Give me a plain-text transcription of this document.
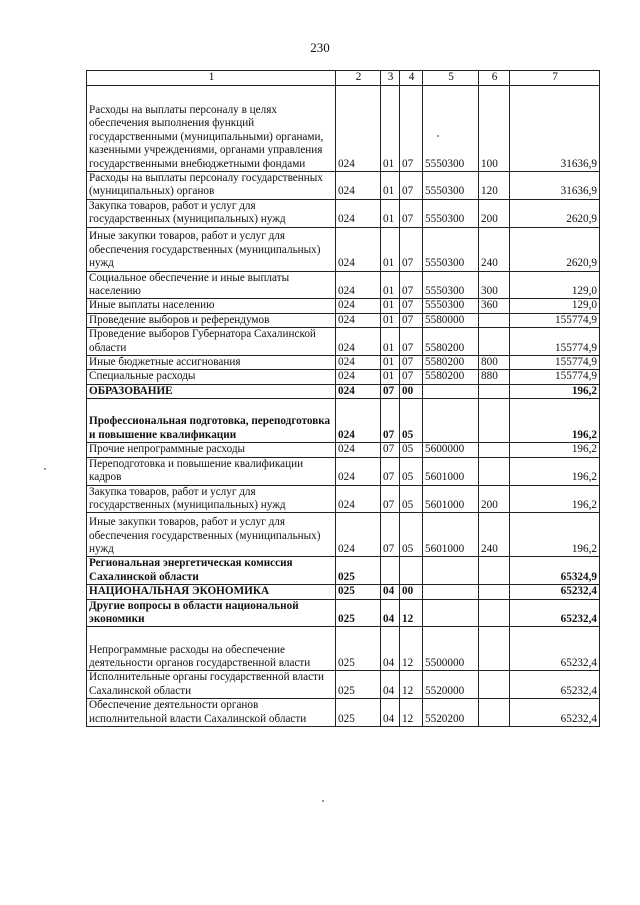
230
1	2	3	4	5	6	7
Расходы на выплаты персоналу в целях обеспечения выполнения функций государственными (муниципальными) органами, казенными учреждениями, органами управления государственными внебюджетными фондами	024	01	07	5550300	100	31636,9
Расходы на выплаты персоналу государственных (муниципальных) органов	024	01	07	5550300	120	31636,9
Закупка товаров, работ и услуг для государственных (муниципальных) нужд	024	01	07	5550300	200	2620,9
Иные закупки товаров, работ и услуг для обеспечения государственных (муниципальных) нужд	024	01	07	5550300	240	2620,9
Социальное обеспечение и иные выплаты населению	024	01	07	5550300	300	129,0
Иные выплаты населению	024	01	07	5550300	360	129,0
Проведение выборов и референдумов	024	01	07	5580000		155774,9
Проведение выборов Губернатора Сахалинской области	024	01	07	5580200		155774,9
Иные бюджетные ассигнования	024	01	07	5580200	800	155774,9
Специальные расходы	024	01	07	5580200	880	155774,9
ОБРАЗОВАНИЕ	024	07	00			196,2
Профессиональная подготовка, переподготовка и повышение квалификации	024	07	05			196,2
Прочие непрограммные расходы	024	07	05	5600000		196,2
Переподготовка и повышение квалификации кадров	024	07	05	5601000		196,2
Закупка товаров, работ и услуг для государственных (муниципальных) нужд	024	07	05	5601000	200	196,2
Иные закупки товаров, работ и услуг для обеспечения государственных (муниципальных) нужд	024	07	05	5601000	240	196,2
Региональная энергетическая комиссия Сахалинской области	025					65324,9
НАЦИОНАЛЬНАЯ ЭКОНОМИКА	025	04	00			65232,4
Другие вопросы в области национальной экономики	025	04	12			65232,4
Непрограммные расходы на обеспечение деятельности органов государственной власти	025	04	12	5500000		65232,4
Исполнительные органы государственной власти Сахалинской области	025	04	12	5520000		65232,4
Обеспечение деятельности органов исполнительной власти Сахалинской области	025	04	12	5520200		65232,4
